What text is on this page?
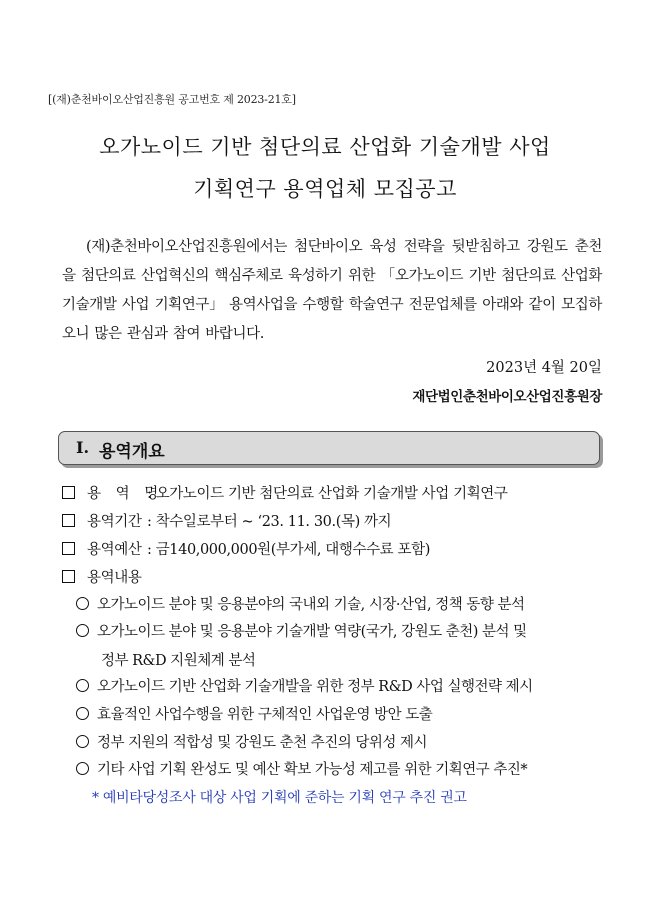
[(재)춘천바이오산업진흥원 공고번호 제 2023-21호]
오가노이드 기반 첨단의료 산업화 기술개발 사업
기획연구 용역업체 모집공고
(재)춘천바이오산업진흥원에서는 첨단바이오 육성 전략을 뒷받침하고 강원도 춘천을 첨단의료 산업혁신의 핵심주체로 육성하기 위한 「오가노이드 기반 첨단의료 산업화 기술개발 사업 기획연구」 용역사업을 수행할 학술연구 전문업체를 아래와 같이 모집하오니 많은 관심과 참여 바랍니다.
2023년 4월 20일
재단법인춘천바이오산업진흥원장
I. 용역개요
용 역 명: 오가노이드 기반 첨단의료 산업화 기술개발 사업 기획연구
용역기간 : 착수일로부터 ~ ‘23. 11. 30.(목) 까지
용역예산 : 금140,000,000원(부가세, 대행수수료 포함)
용역내용
오가노이드 분야 및 응용분야의 국내외 기술, 시장·산업, 정책 동향 분석
오가노이드 분야 및 응용분야 기술개발 역량(국가, 강원도 춘천) 분석 및
정부 R&D 지원체계 분석
오가노이드 기반 산업화 기술개발을 위한 정부 R&D 사업 실행전략 제시
효율적인 사업수행을 위한 구체적인 사업운영 방안 도출
정부 지원의 적합성 및 강원도 춘천 추진의 당위성 제시
기타 사업 기획 완성도 및 예산 확보 가능성 제고를 위한 기획연구 추진*
* 예비타당성조사 대상 사업 기획에 준하는 기획 연구 추진 권고
